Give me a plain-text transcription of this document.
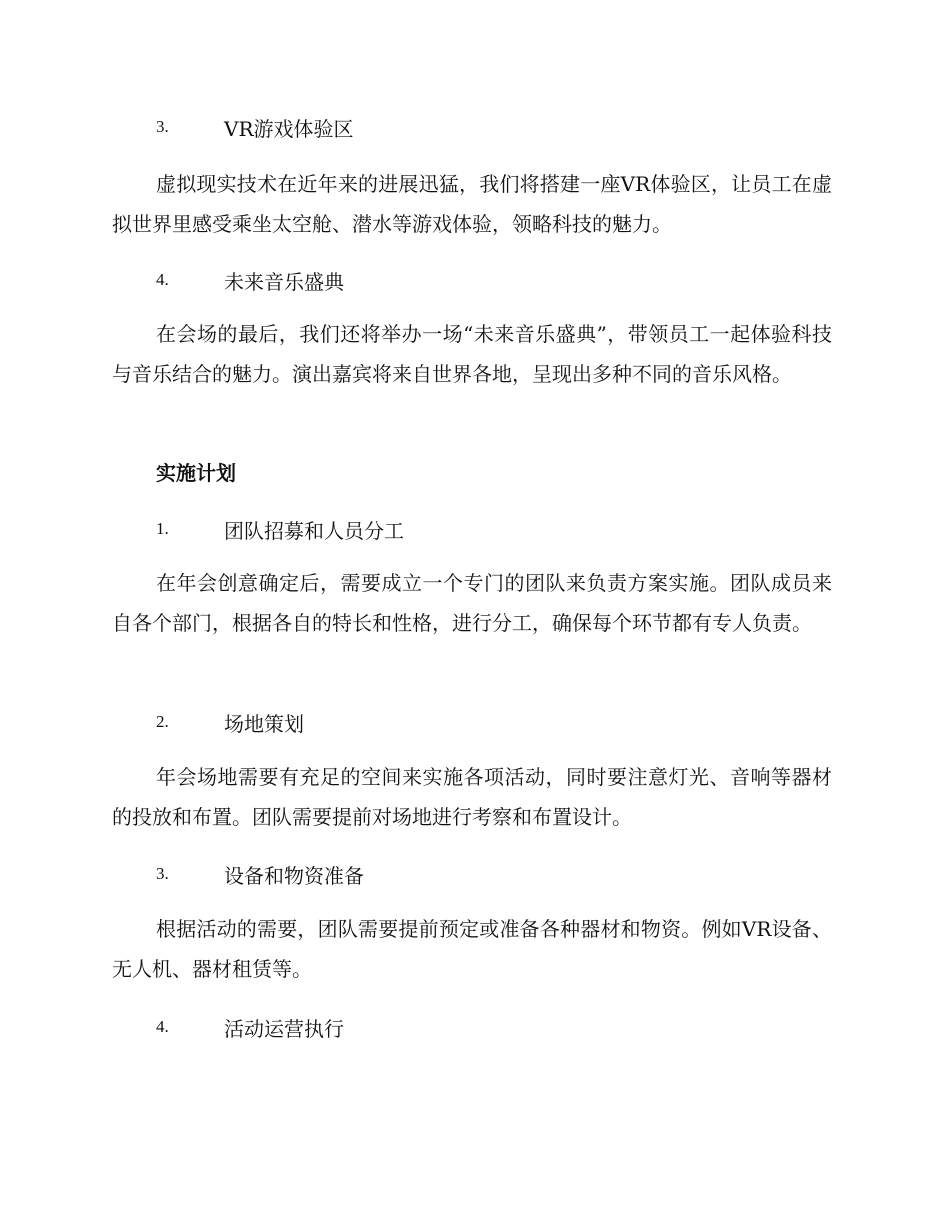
3.	VR游戏体验区

虚拟现实技术在近年来的进展迅猛，我们将搭建一座VR体验区，让员工在虚拟世界里感受乘坐太空舱、潜水等游戏体验，领略科技的魅力。

4.	未来音乐盛典

在会场的最后，我们还将举办一场“未来音乐盛典”，带领员工一起体验科技与音乐结合的魅力。演出嘉宾将来自世界各地，呈现出多种不同的音乐风格。

实施计划
1.	团队招募和人员分工

在年会创意确定后，需要成立一个专门的团队来负责方案实施。团队成员来自各个部门，根据各自的特长和性格，进行分工，确保每个环节都有专人负责。

2.	场地策划

年会场地需要有充足的空间来实施各项活动，同时要注意灯光、音响等器材的投放和布置。团队需要提前对场地进行考察和布置设计。

3.	设备和物资准备

根据活动的需要，团队需要提前预定或准备各种器材和物资。例如VR设备、无人机、器材租赁等。

4.	活动运营执行
